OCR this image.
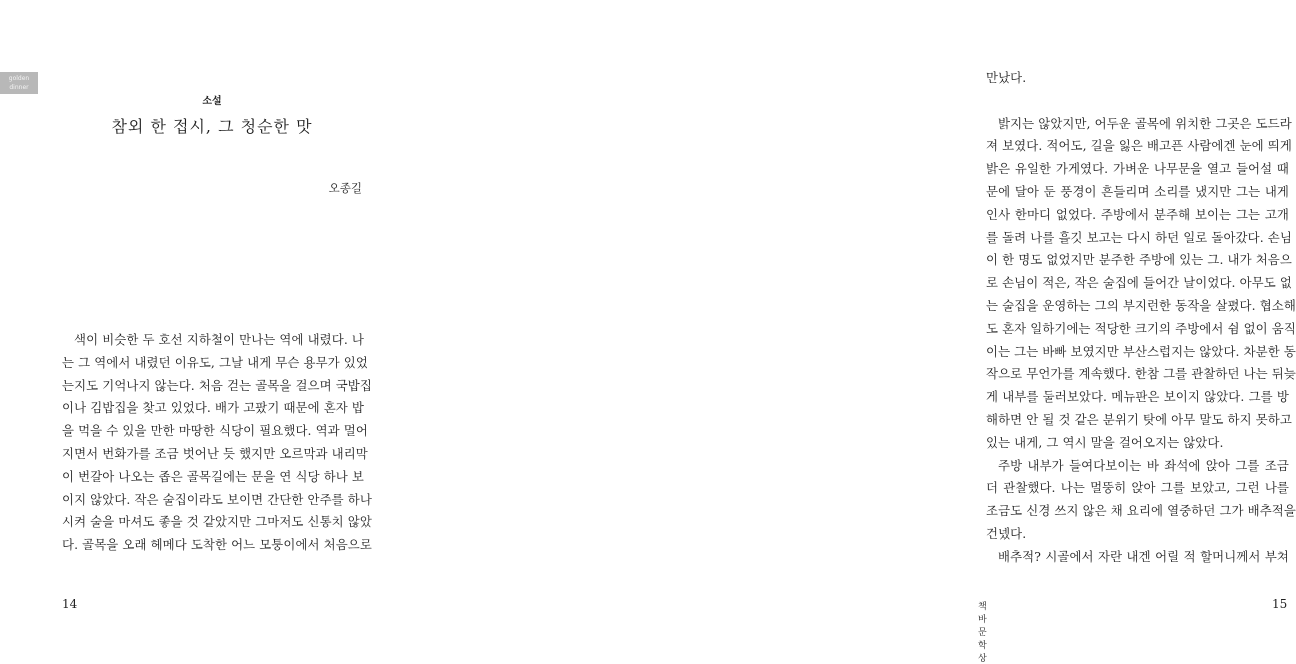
golden
dinner
소설
참외 한 접시, 그 청순한 맛
오종길
색이 비슷한 두 호선 지하철이 만나는 역에 내렸다. 나
는 그 역에서 내렸던 이유도, 그날 내게 무슨 용무가 있었
는지도 기억나지 않는다. 처음 걷는 골목을 걸으며 국밥집
이나 김밥집을 찾고 있었다. 배가 고팠기 때문에 혼자 밥
을 먹을 수 있을 만한 마땅한 식당이 필요했다. 역과 멀어
지면서 번화가를 조금 벗어난 듯 했지만 오르막과 내리막
이 번갈아 나오는 좁은 골목길에는 문을 연 식당 하나 보
이지 않았다. 작은 술집이라도 보이면 간단한 안주를 하나
시켜 술을 마셔도 좋을 것 같았지만 그마저도 신통치 않았
다. 골목을 오래 헤메다 도착한 어느 모퉁이에서 처음으로
14
만났다.
밝지는 않았지만, 어두운 골목에 위치한 그곳은 도드라
져 보였다. 적어도, 길을 잃은 배고픈 사람에겐 눈에 띄게
밝은 유일한 가게였다. 가벼운 나무문을 열고 들어설 때
문에 달아 둔 풍경이 흔들리며 소리를 냈지만 그는 내게
인사 한마디 없었다. 주방에서 분주해 보이는 그는 고개
를 돌려 나를 흘깃 보고는 다시 하던 일로 돌아갔다. 손님
이 한 명도 없었지만 분주한 주방에 있는 그. 내가 처음으
로 손님이 적은, 작은 술집에 들어간 날이었다. 아무도 없
는 술집을 운영하는 그의 부지런한 동작을 살폈다. 협소해
도 혼자 일하기에는 적당한 크기의 주방에서 쉼 없이 움직
이는 그는 바빠 보였지만 부산스럽지는 않았다. 차분한 동
작으로 무언가를 계속했다. 한참 그를 관찰하던 나는 뒤늦
게 내부를 둘러보았다. 메뉴판은 보이지 않았다. 그를 방
해하면 안 될 것 같은 분위기 탓에 아무 말도 하지 못하고
있는 내게, 그 역시 말을 걸어오지는 않았다.
주방 내부가 들여다보이는 바 좌석에 앉아 그를 조금
더 관찰했다. 나는 멀뚱히 앉아 그를 보았고, 그런 나를
조금도 신경 쓰지 않은 채 요리에 열중하던 그가 배추적을
건넸다.
배추적? 시골에서 자란 내겐 어릴 적 할머니께서 부쳐
책바 문학상
15
